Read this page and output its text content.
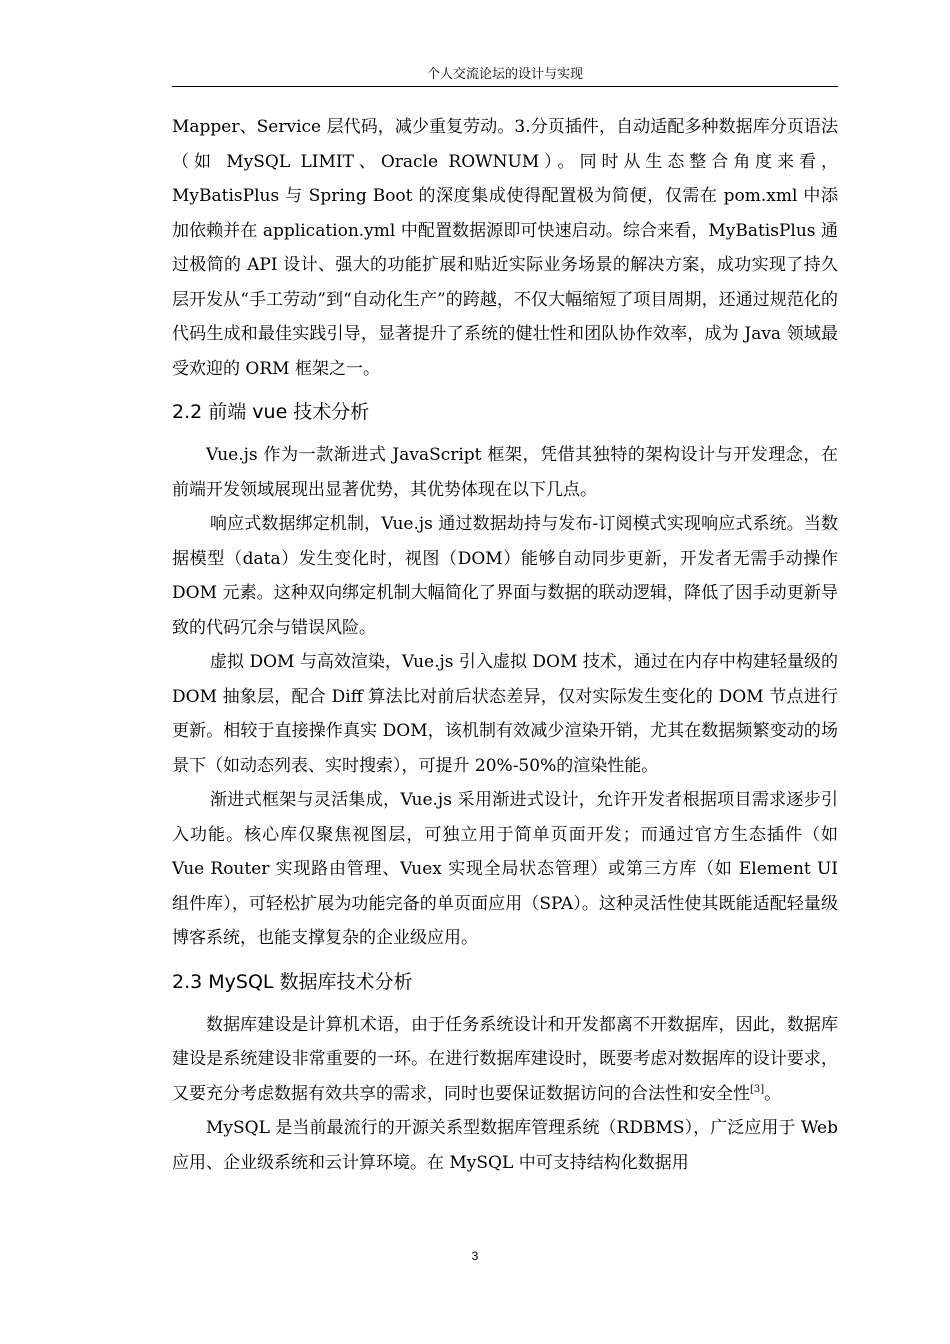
个人交流论坛的设计与实现

Mapper、Service 层代码，减少重复劳动。3.分页插件，自动适配多种数据库分页语法（如 MySQL LIMIT、Oracle ROWNUM）。同时从生态整合角度来看，MyBatisPlus 与 Spring Boot 的深度集成使得配置极为简便，仅需在 pom.xml 中添加依赖并在 application.yml 中配置数据源即可快速启动。综合来看，MyBatisPlus 通过极简的 API 设计、强大的功能扩展和贴近实际业务场景的解决方案，成功实现了持久层开发从“手工劳动”到“自动化生产”的跨越，不仅大幅缩短了项目周期，还通过规范化的代码生成和最佳实践引导，显著提升了系统的健壮性和团队协作效率，成为 Java 领域最受欢迎的 ORM 框架之一。

2.2 前端 vue 技术分析

Vue.js 作为一款渐进式 JavaScript 框架，凭借其独特的架构设计与开发理念，在前端开发领域展现出显著优势，其优势体现在以下几点。

响应式数据绑定机制，Vue.js 通过数据劫持与发布-订阅模式实现响应式系统。当数据模型（data）发生变化时，视图（DOM）能够自动同步更新，开发者无需手动操作 DOM 元素。这种双向绑定机制大幅简化了界面与数据的联动逻辑，降低了因手动更新导致的代码冗余与错误风险。

虚拟 DOM 与高效渲染，Vue.js 引入虚拟 DOM 技术，通过在内存中构建轻量级的 DOM 抽象层，配合 Diff 算法比对前后状态差异，仅对实际发生变化的 DOM 节点进行更新。相较于直接操作真实 DOM，该机制有效减少渲染开销，尤其在数据频繁变动的场景下（如动态列表、实时搜索），可提升 20%-50%的渲染性能。

渐进式框架与灵活集成，Vue.js 采用渐进式设计，允许开发者根据项目需求逐步引入功能。核心库仅聚焦视图层，可独立用于简单页面开发；而通过官方生态插件（如 Vue Router 实现路由管理、Vuex 实现全局状态管理）或第三方库（如 Element UI 组件库），可轻松扩展为功能完备的单页面应用（SPA）。这种灵活性使其既能适配轻量级博客系统，也能支撑复杂的企业级应用。

2.3 MySQL 数据库技术分析

数据库建设是计算机术语，由于任务系统设计和开发都离不开数据库，因此，数据库建设是系统建设非常重要的一环。在进行数据库建设时，既要考虑对数据库的设计要求，又要充分考虑数据有效共享的需求，同时也要保证数据访问的合法性和安全性[3]。

MySQL 是当前最流行的开源关系型数据库管理系统（RDBMS），广泛应用于 Web 应用、企业级系统和云计算环境。在 MySQL 中可支持结构化数据用

3
